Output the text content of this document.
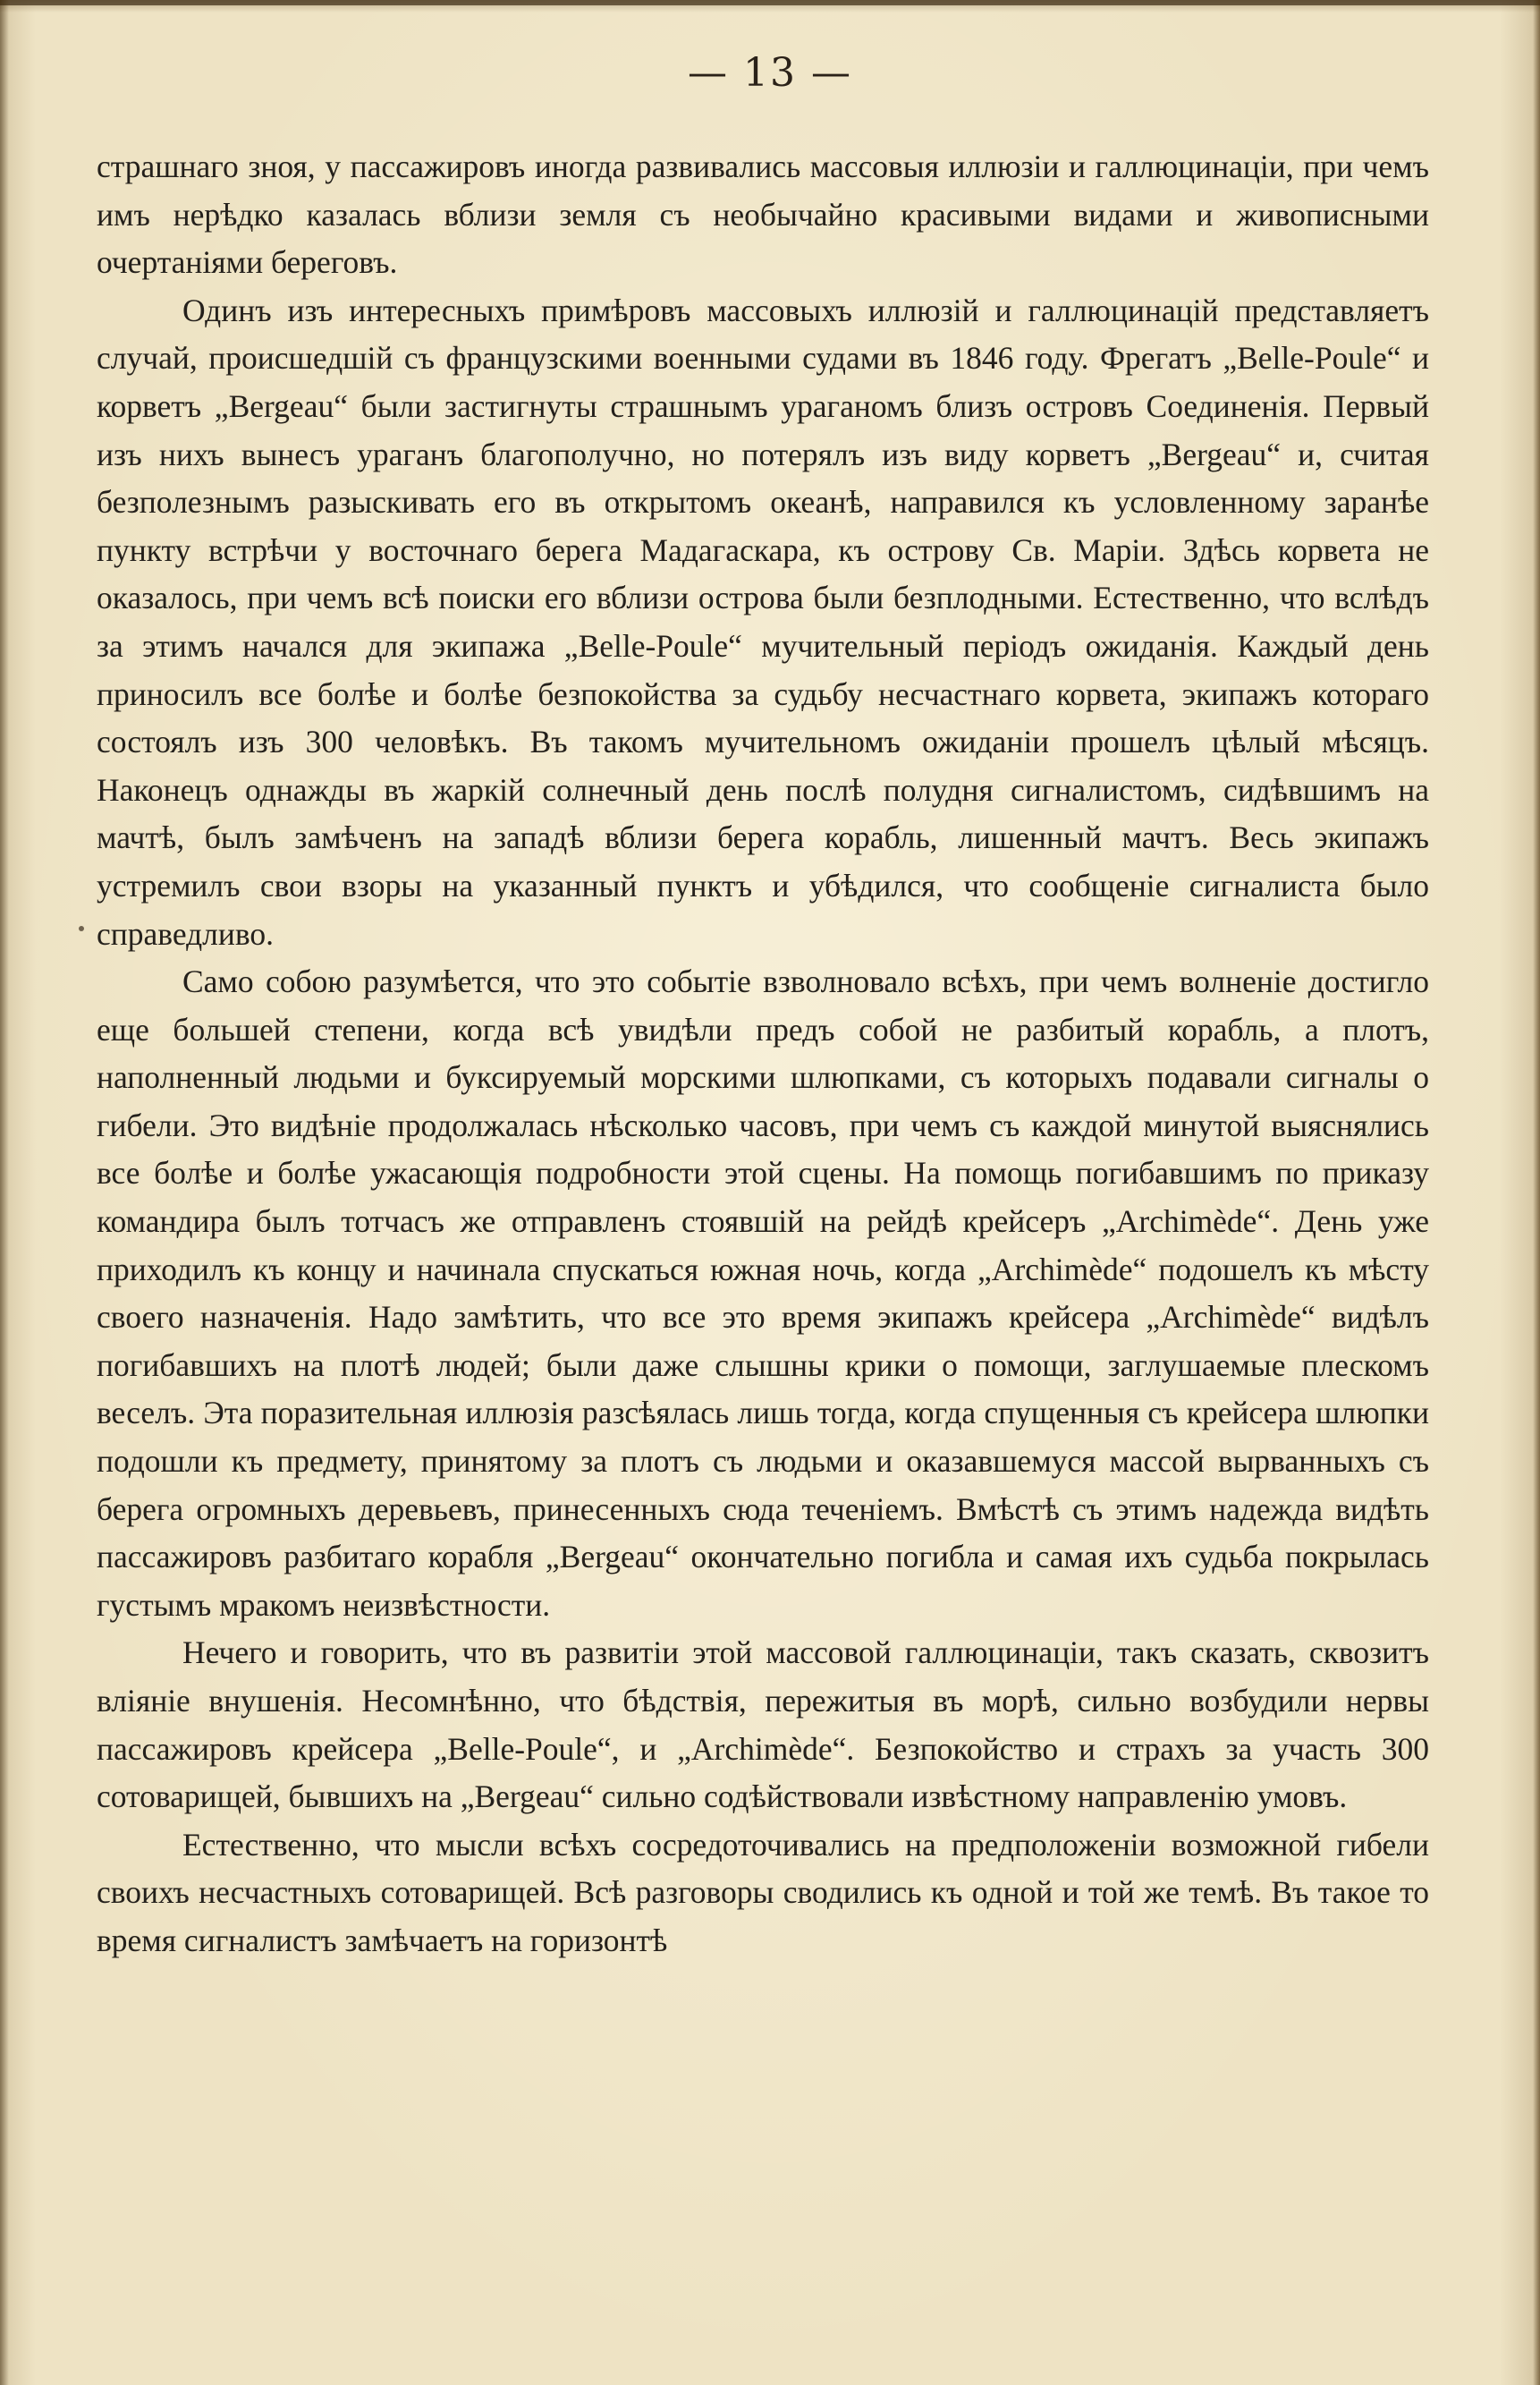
— 13 —

страшнаго зноя, у пассажировъ иногда развивались массовыя иллюзіи и галлюцинаціи, при чемъ имъ нерѣдко казалась вблизи земля съ необычайно красивыми видами и живописными очертаніями береговъ.

Одинъ изъ интересныхъ примѣровъ массовыхъ иллюзій и галлюцинацій представляетъ случай, происшедшій съ французскими военными судами въ 1846 году. Фрегатъ „Belle-Poule“ и корветъ „Bergeau“ были застигнуты страшнымъ ураганомъ близъ островъ Соединенія. Первый изъ нихъ вынесъ ураганъ благополучно, но потерялъ изъ виду корветъ „Bergeau“ и, считая безполезнымъ разыскивать его въ открытомъ океанѣ, направился къ условленному заранѣе пункту встрѣчи у восточнаго берега Мадагаскара, къ острову Св. Маріи. Здѣсь корвета не оказалось, при чемъ всѣ поиски его вблизи острова были безплодными. Естественно, что вслѣдъ за этимъ начался для экипажа „Belle-Poule“ мучительный періодъ ожиданія. Каждый день приносилъ все болѣе и болѣе безпокойства за судьбу несчастнаго корвета, экипажъ котораго состоялъ изъ 300 человѣкъ. Въ такомъ мучительномъ ожиданіи прошелъ цѣлый мѣсяцъ. Наконецъ однажды въ жаркій солнечный день послѣ полудня сигналистомъ, сидѣвшимъ на мачтѣ, былъ замѣченъ на западѣ вблизи берега корабль, лишенный мачтъ. Весь экипажъ устремилъ свои взоры на указанный пунктъ и убѣдился, что сообщеніе сигналиста было справедливо.

Само собою разумѣется, что это событіе взволновало всѣхъ, при чемъ волненіе достигло еще большей степени, когда всѣ увидѣли предъ собой не разбитый корабль, а плотъ, наполненный людьми и буксируемый морскими шлюпками, съ которыхъ подавали сигналы о гибели. Это видѣніе продолжалась нѣсколько часовъ, при чемъ съ каждой минутой выяснялись все болѣе и болѣе ужасающія подробности этой сцены. На помощь погибавшимъ по приказу командира былъ тотчасъ же отправленъ стоявшій на рейдѣ крейсеръ „Archimède“. День уже приходилъ къ концу и начинала спускаться южная ночь, когда „Archimède“ подошелъ къ мѣсту своего назначенія. Надо замѣтить, что все это время экипажъ крейсера „Archimède“ видѣлъ погибавшихъ на плотѣ людей; были даже слышны крики о помощи, заглушаемые плескомъ веселъ. Эта поразительная иллюзія разсѣялась лишь тогда, когда спущенныя съ крейсера шлюпки подошли къ предмету, принятому за плотъ съ людьми и оказавшемуся массой вырванныхъ съ берега огромныхъ деревьевъ, принесенныхъ сюда теченіемъ. Вмѣстѣ съ этимъ надежда видѣть пассажировъ разбитаго корабля „Bergeau“ окончательно погибла и самая ихъ судьба покрылась густымъ мракомъ неизвѣстности.

Нечего и говорить, что въ развитіи этой массовой галлюцинаціи, такъ сказать, сквозитъ вліяніе внушенія. Несомнѣнно, что бѣдствія, пережитыя въ морѣ, сильно возбудили нервы пассажировъ крейсера „Belle-Poule“, и „Archimède“. Безпокойство и страхъ за участь 300 сотоварищей, бывшихъ на „Bergeau“ сильно содѣйствовали извѣстному направленію умовъ.

Естественно, что мысли всѣхъ сосредоточивались на предположеніи возможной гибели своихъ несчастныхъ сотоварищей. Всѣ разговоры сводились къ одной и той же темѣ. Въ такое то время сигналистъ замѣчаетъ на горизонтѣ
